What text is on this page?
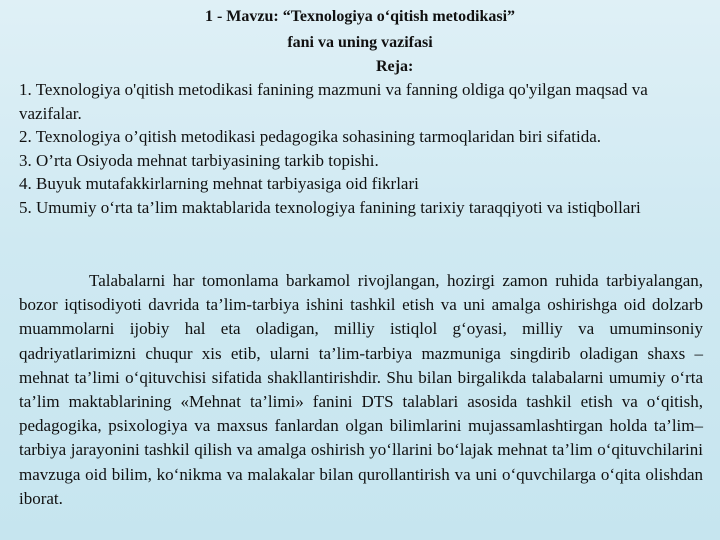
1 - Mavzu: “Texnologiya o‘qitish metodikasi”
fani va uning vazifasi

Reja:

1. Texnologiya o'qitish metodikasi fanining mazmuni va fanning oldiga qo'yilgan maqsad va vazifalar.
2. Texnologiya o’qitish metodikasi pedagogika sohasining tarmoqlaridan biri sifatida.
3. O’rta Osiyoda mehnat tarbiyasining tarkib topishi.
4. Buyuk mutafakkirlarning mehnat tarbiyasiga oid fikrlari
5. Umumiy o‘rta ta’lim maktablarida texnologiya fanining tarixiy taraqqiyoti va istiqbollari

Talabalarni har tomonlama barkamol rivojlangan, hozirgi zamon ruhida tarbiyalangan, bozor iqtisodiyoti davrida ta’lim-tarbiya ishini tashkil etish va uni amalga oshirishga oid dolzarb muammolarni ijobiy hal eta oladigan, milliy istiqlol g‘oyasi, milliy va umuminsoniy qadriyatlarimizni chuqur xis etib, ularni ta’lim-tarbiya mazmuniga singdirib oladigan shaxs – mehnat ta’limi o‘qituvchisi sifatida shakllantirishdir. Shu bilan birgalikda talabalarni umumiy o‘rta ta’lim maktablarining «Mehnat ta’limi» fanini DTS talablari asosida tashkil etish va o‘qitish, pedagogika, psixologiya va maxsus fanlardan olgan bilimlarini mujassamlashtirgan holda ta’lim–tarbiya jarayonini tashkil qilish va amalga oshirish yo‘llarini bo‘lajak mehnat ta’lim o‘qituvchilarini mavzuga oid bilim, ko‘nikma va malakalar bilan qurollantirish va uni o‘quvchilarga o‘qita olishdan iborat.
